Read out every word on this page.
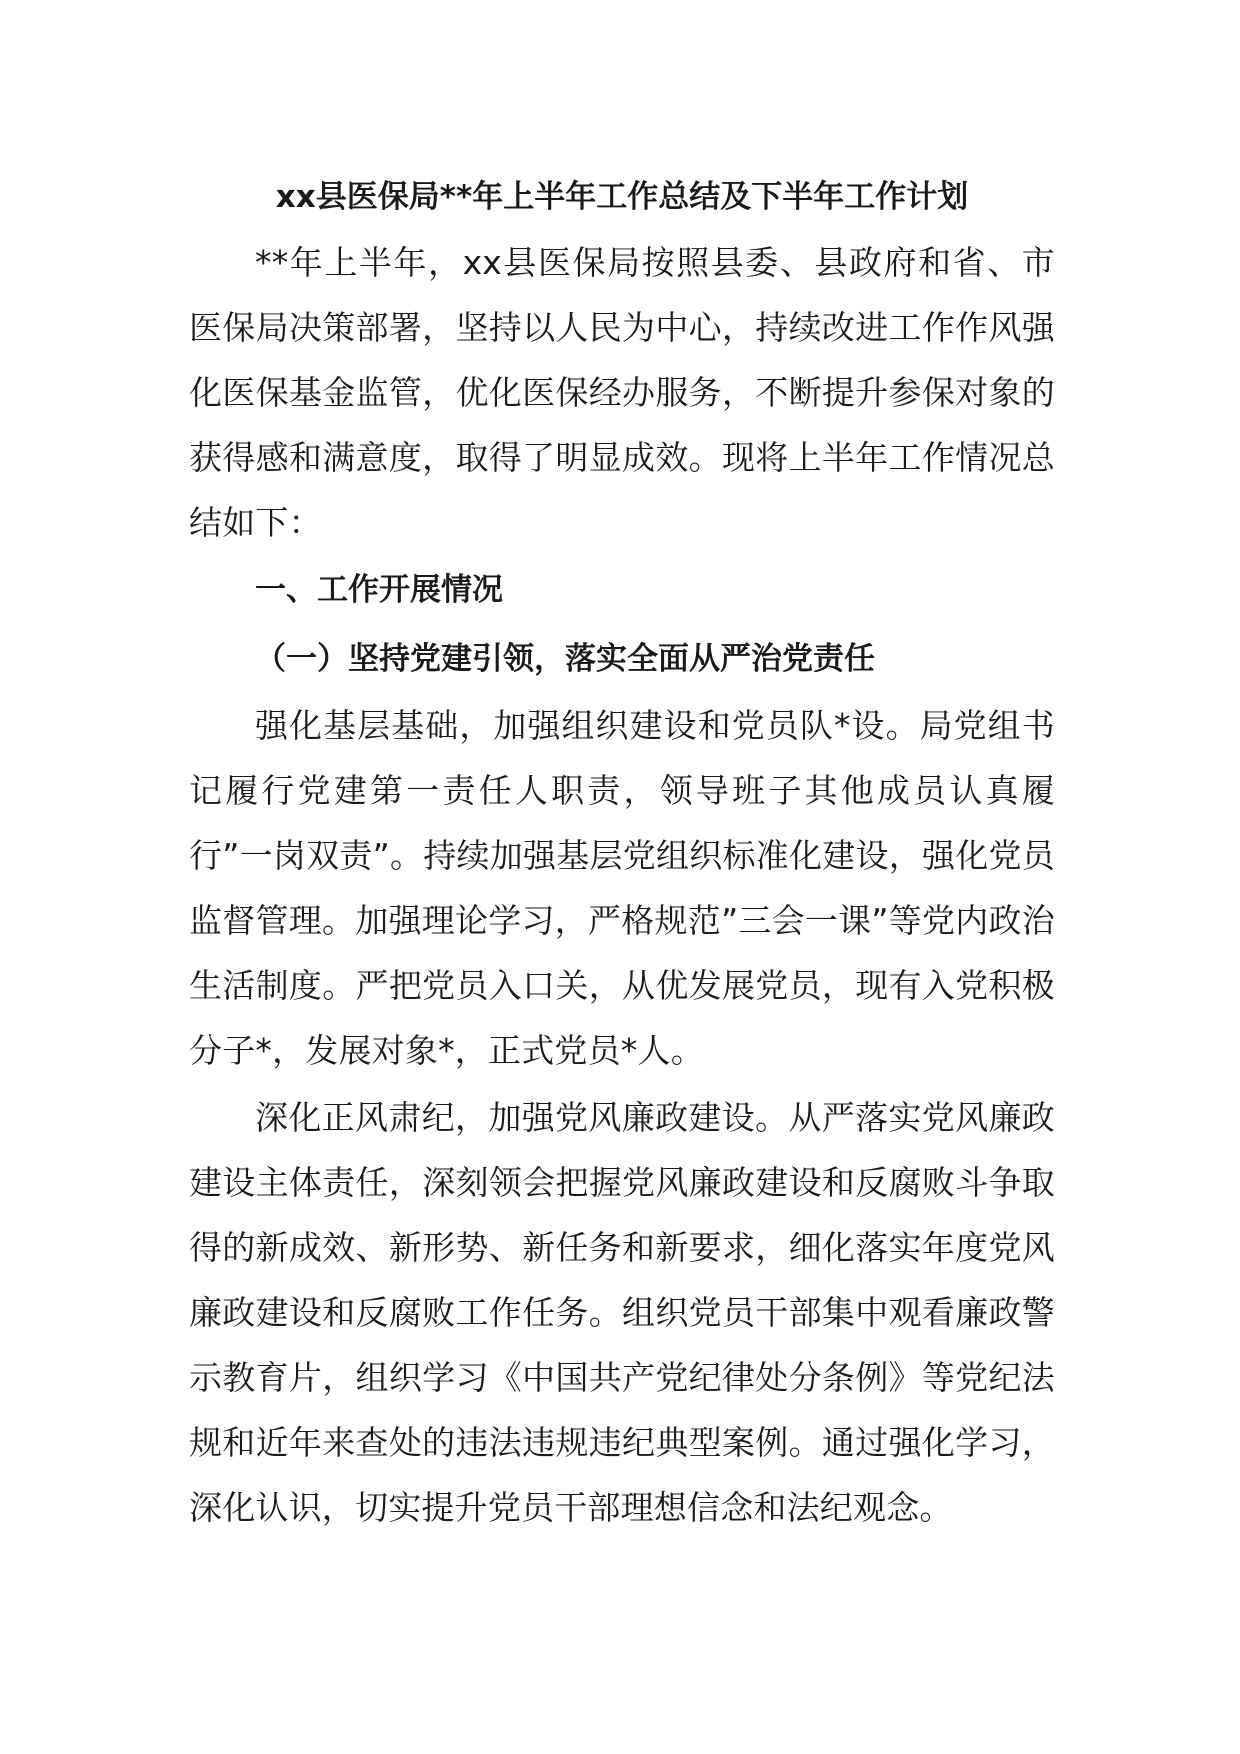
xx县医保局**年上半年工作总结及下半年工作计划

**年上半年，xx县医保局按照县委、县政府和省、市医保局决策部署，坚持以人民为中心，持续改进工作作风强化医保基金监管，优化医保经办服务，不断提升参保对象的获得感和满意度，取得了明显成效。现将上半年工作情况总结如下：

一、工作开展情况
（一）坚持党建引领，落实全面从严治党责任

强化基层基础，加强组织建设和党员队*设。局党组书记履行党建第一责任人职责，领导班子其他成员认真履行”一岗双责”。持续加强基层党组织标准化建设，强化党员监督管理。加强理论学习，严格规范”三会一课”等党内政治生活制度。严把党员入口关，从优发展党员，现有入党积极分子*，发展对象*，正式党员*人。

深化正风肃纪，加强党风廉政建设。从严落实党风廉政建设主体责任，深刻领会把握党风廉政建设和反腐败斗争取得的新成效、新形势、新任务和新要求，细化落实年度党风廉政建设和反腐败工作任务。组织党员干部集中观看廉政警示教育片，组织学习《中国共产党纪律处分条例》等党纪法规和近年来查处的违法违规违纪典型案例。通过强化学习，深化认识，切实提升党员干部理想信念和法纪观念。
